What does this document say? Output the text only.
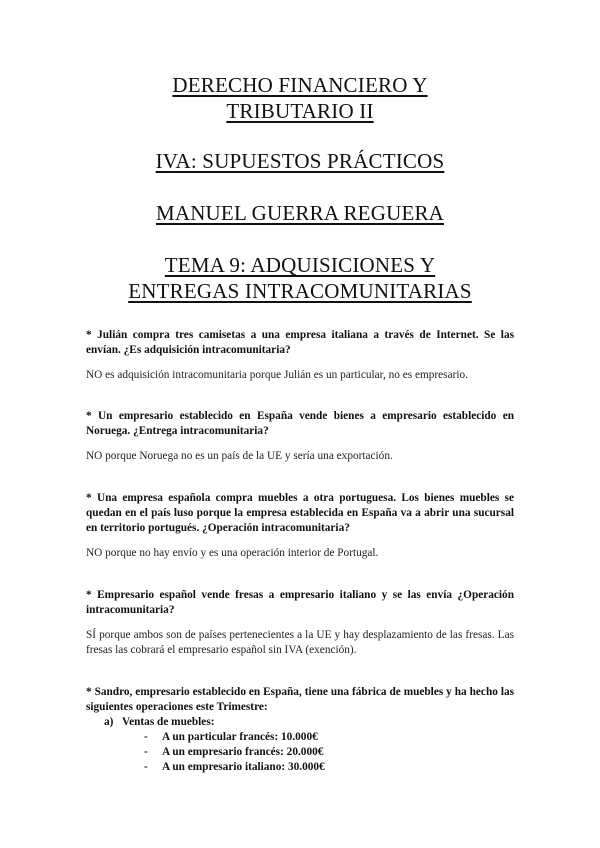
DERECHO FINANCIERO Y

TRIBUTARIO II

IVA: SUPUESTOS PRÁCTICOS

MANUEL GUERRA REGUERA

TEMA 9: ADQUISICIONES Y

ENTREGAS INTRACOMUNITARIAS

* Julián compra tres camisetas a una empresa italiana a través de Internet. Se las envían. ¿Es adquisición intracomunitaria?

NO es adquisición intracomunitaria porque Julián es un particular, no es empresario.

* Un empresario establecido en España vende bienes a empresario establecido en Noruega. ¿Entrega intracomunitaria?

NO porque Noruega no es un país de la UE y sería una exportación.

* Una empresa española compra muebles a otra portuguesa. Los bienes muebles se quedan en el país luso porque la empresa establecida en España va a abrir una sucursal en territorio portugués. ¿Operación intracomunitaria?

NO porque no hay envío y es una operación interior de Portugal.

* Empresario español vende fresas a empresario italiano y se las envía ¿Operación intracomunitaria?

SÍ porque ambos son de países pertenecientes a la UE y hay desplazamiento de las fresas. Las fresas las cobrará el empresario español sin IVA (exención).

* Sandro, empresario establecido en España, tiene una fábrica de muebles y ha hecho las siguientes operaciones este Trimestre:

a) Ventas de muebles:
-	A un particular francés: 10.000€
-	A un empresario francés: 20.000€
-	A un empresario italiano: 30.000€
